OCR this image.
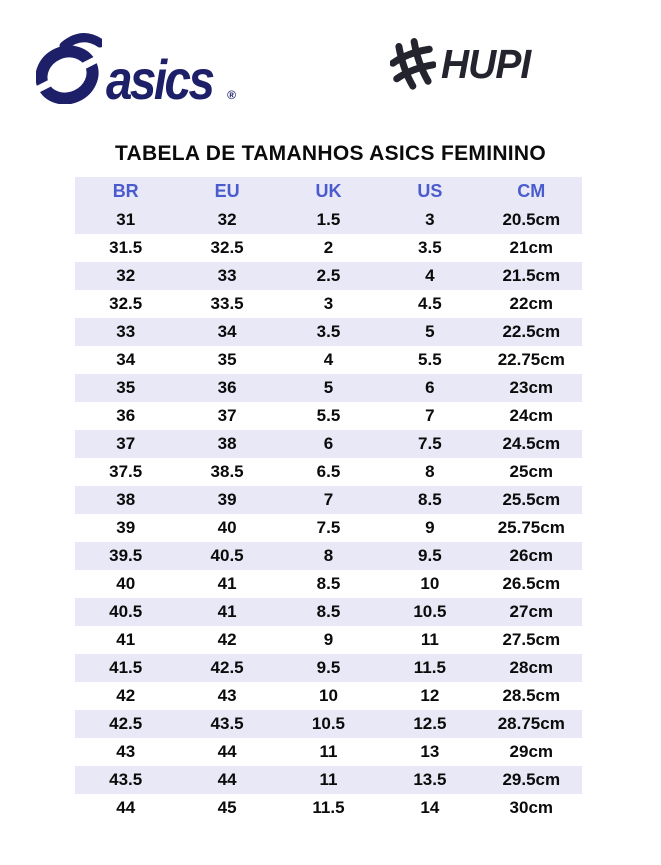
asics ®
HUPI
TABELA DE TAMANHOS ASICS FEMININO
BR	EU	UK	US	CM
31	32	1.5	3	20.5cm
31.5	32.5	2	3.5	21cm
32	33	2.5	4	21.5cm
32.5	33.5	3	4.5	22cm
33	34	3.5	5	22.5cm
34	35	4	5.5	22.75cm
35	36	5	6	23cm
36	37	5.5	7	24cm
37	38	6	7.5	24.5cm
37.5	38.5	6.5	8	25cm
38	39	7	8.5	25.5cm
39	40	7.5	9	25.75cm
39.5	40.5	8	9.5	26cm
40	41	8.5	10	26.5cm
40.5	41	8.5	10.5	27cm
41	42	9	11	27.5cm
41.5	42.5	9.5	11.5	28cm
42	43	10	12	28.5cm
42.5	43.5	10.5	12.5	28.75cm
43	44	11	13	29cm
43.5	44	11	13.5	29.5cm
44	45	11.5	14	30cm
